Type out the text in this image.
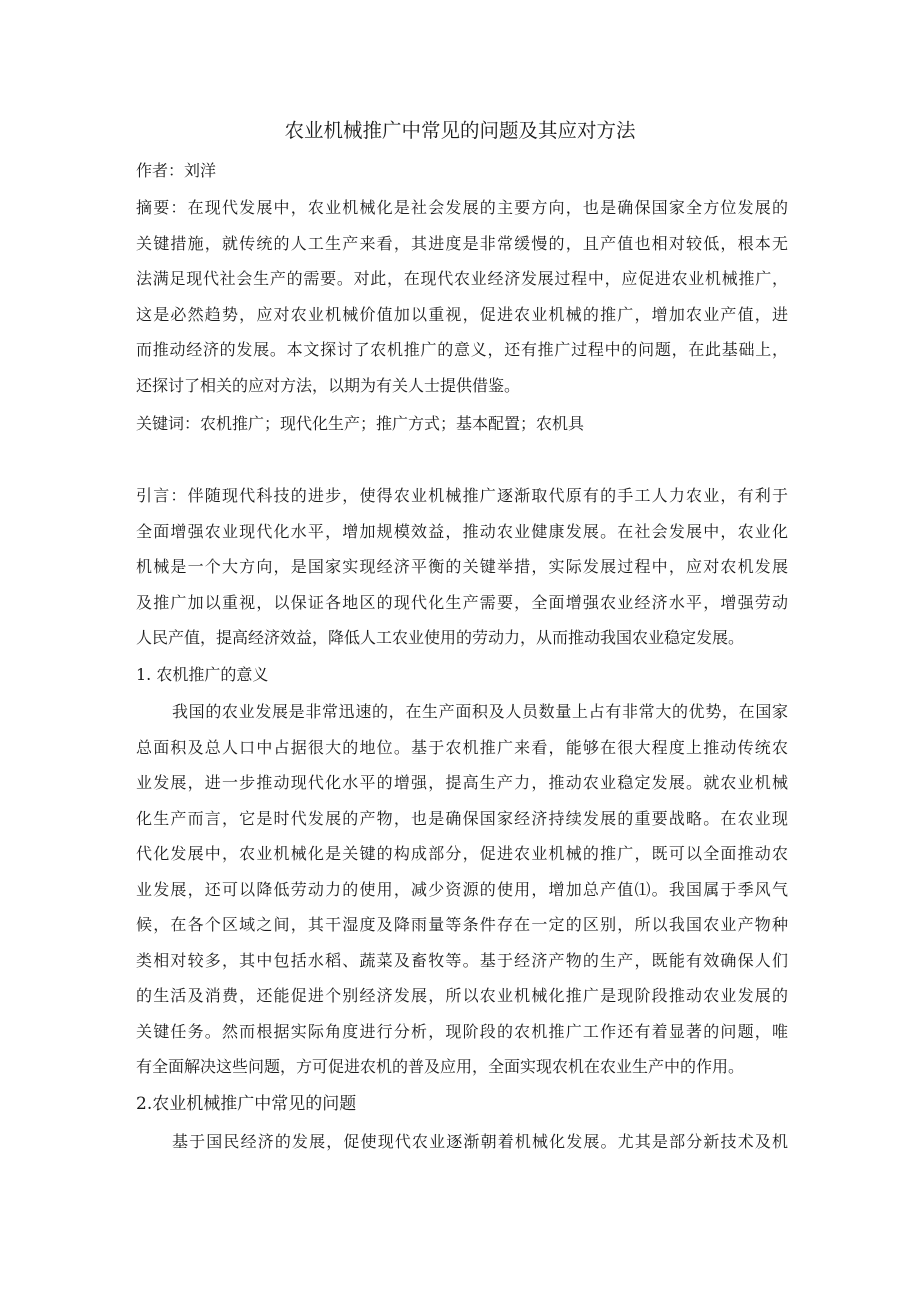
农业机械推广中常见的问题及其应对方法

作者：刘洋

摘要：在现代发展中，农业机械化是社会发展的主要方向，也是确保国家全方位发展的

关键措施，就传统的人工生产来看，其进度是非常缓慢的，且产值也相对较低，根本无

法满足现代社会生产的需要。对此，在现代农业经济发展过程中，应促进农业机械推广，

这是必然趋势，应对农业机械价值加以重视，促进农业机械的推广，增加农业产值，进

而推动经济的发展。本文探讨了农机推广的意义，还有推广过程中的问题，在此基础上，

还探讨了相关的应对方法，以期为有关人士提供借鉴。

关键词：农机推广；现代化生产；推广方式；基本配置；农机具

引言：伴随现代科技的进步，使得农业机械推广逐渐取代原有的手工人力农业，有利于

全面增强农业现代化水平，增加规模效益，推动农业健康发展。在社会发展中，农业化

机械是一个大方向，是国家实现经济平衡的关键举措，实际发展过程中，应对农机发展

及推广加以重视，以保证各地区的现代化生产需要，全面增强农业经济水平，增强劳动

人民产值，提高经济效益，降低人工农业使用的劳动力，从而推动我国农业稳定发展。

1. 农机推广的意义

我国的农业发展是非常迅速的，在生产面积及人员数量上占有非常大的优势，在国家

总面积及总人口中占据很大的地位。基于农机推广来看，能够在很大程度上推动传统农

业发展，进一步推动现代化水平的增强，提高生产力，推动农业稳定发展。就农业机械

化生产而言，它是时代发展的产物，也是确保国家经济持续发展的重要战略。在农业现

代化发展中，农业机械化是关键的构成部分，促进农业机械的推广，既可以全面推动农

业发展，还可以降低劳动力的使用，减少资源的使用，增加总产值⑴。我国属于季风气

候，在各个区域之间，其干湿度及降雨量等条件存在一定的区别，所以我国农业产物种

类相对较多，其中包括水稻、蔬菜及畜牧等。基于经济产物的生产，既能有效确保人们

的生活及消费，还能促进个别经济发展，所以农业机械化推广是现阶段推动农业发展的

关键任务。然而根据实际角度进行分析，现阶段的农机推广工作还有着显著的问题，唯

有全面解决这些问题，方可促进农机的普及应用，全面实现农机在农业生产中的作用。

2.农业机械推广中常见的问题

基于国民经济的发展，促使现代农业逐渐朝着机械化发展。尤其是部分新技术及机
